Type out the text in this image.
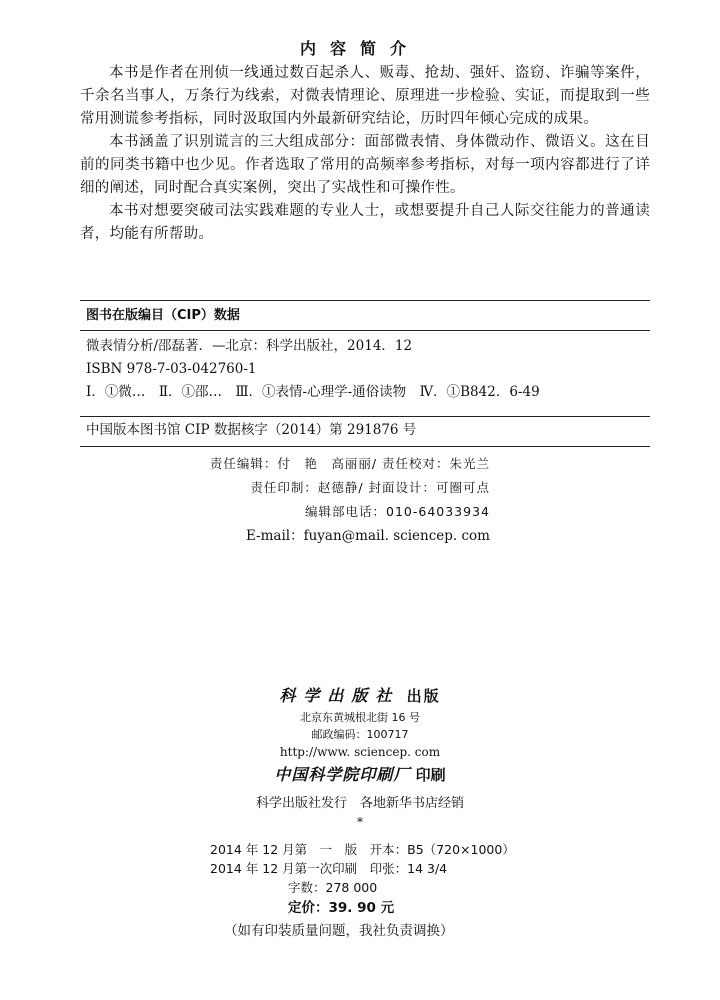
内容简介

本书是作者在刑侦一线通过数百起杀人、贩毒、抢劫、强奸、盗窃、诈骗等案件，千余名当事人，万条行为线索，对微表情理论、原理进一步检验、实证，而提取到一些常用测谎参考指标，同时汲取国内外最新研究结论，历时四年倾心完成的成果。

本书涵盖了识别谎言的三大组成部分：面部微表情、身体微动作、微语义。这在目前的同类书籍中也少见。作者选取了常用的高频率参考指标，对每一项内容都进行了详细的阐述，同时配合真实案例，突出了实战性和可操作性。

本书对想要突破司法实践难题的专业人士，或想要提升自己人际交往能力的普通读者，均能有所帮助。

图书在版编目（CIP）数据
微表情分析/邵磊著．—北京：科学出版社，2014．12
ISBN 978-7-03-042760-1
Ⅰ．①微…　Ⅱ．①邵…　Ⅲ．①表情-心理学-通俗读物　Ⅳ．①B842．6-49
中国版本图书馆 CIP 数据核字（2014）第 291876 号
责任编辑：付　艳　高丽丽/ 责任校对：朱光兰
责任印制：赵德静/ 封面设计：可圈可点
编辑部电话：010-64033934
E-mail：fuyan@mail. sciencep. com
科学出版社 出版
北京东黄城根北街 16 号
邮政编码：100717
http://www. sciencep. com
中国科学院印刷厂 印刷
科学出版社发行　各地新华书店经销
*
2014 年 12 月第　一　版　开本：B5（720×1000）
2014 年 12 月第一次印刷　印张：14 3/4
字数：278 000
定价：39. 90 元
（如有印装质量问题，我社负责调换）
